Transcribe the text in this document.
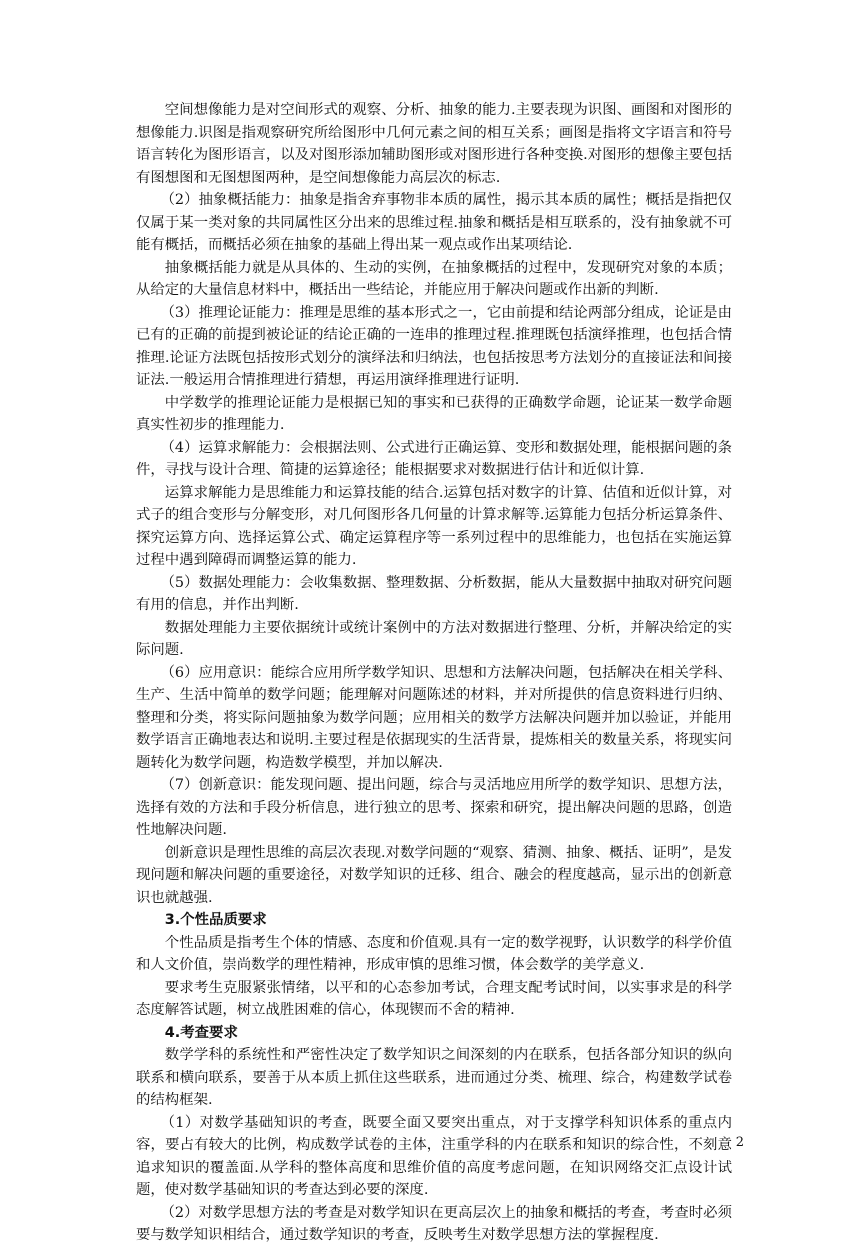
空间想像能力是对空间形式的观察、分析、抽象的能力.主要表现为识图、画图和对图形的想像能力.识图是指观察研究所给图形中几何元素之间的相互关系；画图是指将文字语言和符号语言转化为图形语言，以及对图形添加辅助图形或对图形进行各种变换.对图形的想像主要包括有图想图和无图想图两种，是空间想像能力高层次的标志.

（2）抽象概括能力：抽象是指舍弃事物非本质的属性，揭示其本质的属性；概括是指把仅仅属于某一类对象的共同属性区分出来的思维过程.抽象和概括是相互联系的，没有抽象就不可能有概括，而概括必须在抽象的基础上得出某一观点或作出某项结论.

抽象概括能力就是从具体的、生动的实例，在抽象概括的过程中，发现研究对象的本质；从给定的大量信息材料中，概括出一些结论，并能应用于解决问题或作出新的判断.

（3）推理论证能力：推理是思维的基本形式之一，它由前提和结论两部分组成，论证是由已有的正确的前提到被论证的结论正确的一连串的推理过程.推理既包括演绎推理，也包括合情推理.论证方法既包括按形式划分的演绎法和归纳法，也包括按思考方法划分的直接证法和间接证法.一般运用合情推理进行猜想，再运用演绎推理进行证明.

中学数学的推理论证能力是根据已知的事实和已获得的正确数学命题，论证某一数学命题真实性初步的推理能力.

（4）运算求解能力：会根据法则、公式进行正确运算、变形和数据处理，能根据问题的条件，寻找与设计合理、简捷的运算途径；能根据要求对数据进行估计和近似计算.

运算求解能力是思维能力和运算技能的结合.运算包括对数字的计算、估值和近似计算，对式子的组合变形与分解变形，对几何图形各几何量的计算求解等.运算能力包括分析运算条件、探究运算方向、选择运算公式、确定运算程序等一系列过程中的思维能力，也包括在实施运算过程中遇到障碍而调整运算的能力.

（5）数据处理能力：会收集数据、整理数据、分析数据，能从大量数据中抽取对研究问题有用的信息，并作出判断.

数据处理能力主要依据统计或统计案例中的方法对数据进行整理、分析，并解决给定的实际问题.

（6）应用意识：能综合应用所学数学知识、思想和方法解决问题，包括解决在相关学科、生产、生活中简单的数学问题；能理解对问题陈述的材料，并对所提供的信息资料进行归纳、整理和分类，将实际问题抽象为数学问题；应用相关的数学方法解决问题并加以验证，并能用数学语言正确地表达和说明.主要过程是依据现实的生活背景，提炼相关的数量关系，将现实问题转化为数学问题，构造数学模型，并加以解决.

（7）创新意识：能发现问题、提出问题，综合与灵活地应用所学的数学知识、思想方法，选择有效的方法和手段分析信息，进行独立的思考、探索和研究，提出解决问题的思路，创造性地解决问题.

创新意识是理性思维的高层次表现.对数学问题的“观察、猜测、抽象、概括、证明”，是发现问题和解决问题的重要途径，对数学知识的迁移、组合、融会的程度越高，显示出的创新意识也就越强.

3.个性品质要求

个性品质是指考生个体的情感、态度和价值观.具有一定的数学视野，认识数学的科学价值和人文价值，崇尚数学的理性精神，形成审慎的思维习惯，体会数学的美学意义.

要求考生克服紧张情绪，以平和的心态参加考试，合理支配考试时间，以实事求是的科学态度解答试题，树立战胜困难的信心，体现锲而不舍的精神.

4.考查要求

数学学科的系统性和严密性决定了数学知识之间深刻的内在联系，包括各部分知识的纵向联系和横向联系，要善于从本质上抓住这些联系，进而通过分类、梳理、综合，构建数学试卷的结构框架.

（1）对数学基础知识的考查，既要全面又要突出重点，对于支撑学科知识体系的重点内容，要占有较大的比例，构成数学试卷的主体，注重学科的内在联系和知识的综合性，不刻意追求知识的覆盖面.从学科的整体高度和思维价值的高度考虑问题，在知识网络交汇点设计试题，使对数学基础知识的考查达到必要的深度.

（2）对数学思想方法的考查是对数学知识在更高层次上的抽象和概括的考查，考查时必须要与数学知识相结合，通过数学知识的考查，反映考生对数学思想方法的掌握程度.

2
